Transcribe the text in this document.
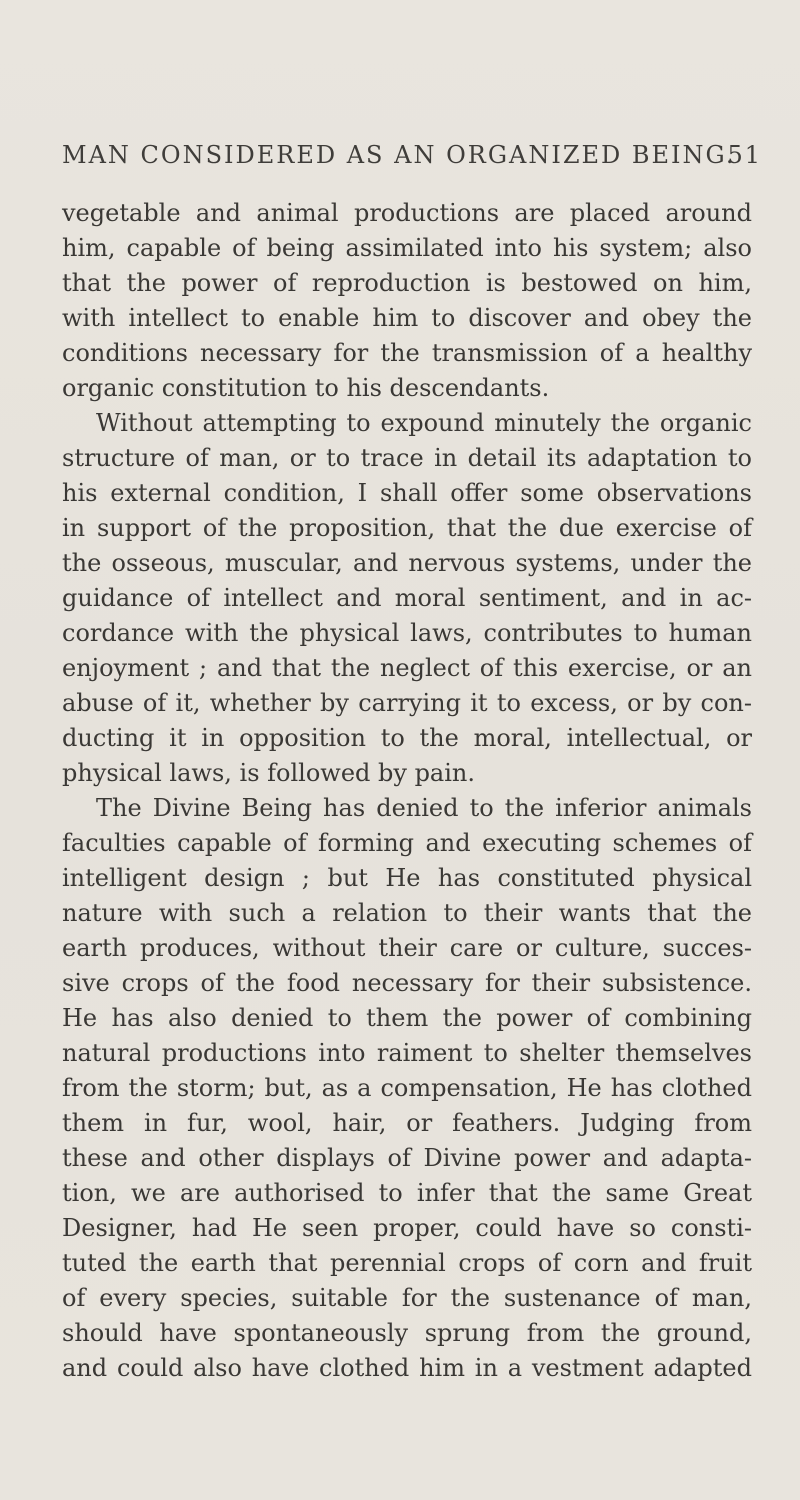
MAN CONSIDERED AS AN ORGANIZED BEING.
51

vegetable and animal productions are placed around
him, capable of being assimilated into his system; also
that the power of reproduction is bestowed on him,
with intellect to enable him to discover and obey the
conditions necessary for the transmission of a healthy
organic constitution to his descendants.

Without attempting to expound minutely the organic
structure of man, or to trace in detail its adaptation to
his external condition, I shall offer some observations
in support of the proposition, that the due exercise of
the osseous, muscular, and nervous systems, under the
guidance of intellect and moral sentiment, and in ac-
cordance with the physical laws, contributes to human
enjoyment ; and that the neglect of this exercise, or an
abuse of it, whether by carrying it to excess, or by con-
ducting it in opposition to the moral, intellectual, or
physical laws, is followed by pain.

The Divine Being has denied to the inferior animals
faculties capable of forming and executing schemes of
intelligent design ; but He has constituted physical
nature with such a relation to their wants that the
earth produces, without their care or culture, succes-
sive crops of the food necessary for their subsistence.
He has also denied to them the power of combining
natural productions into raiment to shelter themselves
from the storm; but, as a compensation, He has clothed
them in fur, wool, hair, or feathers. Judging from
these and other displays of Divine power and adapta-
tion, we are authorised to infer that the same Great
Designer, had He seen proper, could have so consti-
tuted the earth that perennial crops of corn and fruit
of every species, suitable for the sustenance of man,
should have spontaneously sprung from the ground,
and could also have clothed him in a vestment adapted
